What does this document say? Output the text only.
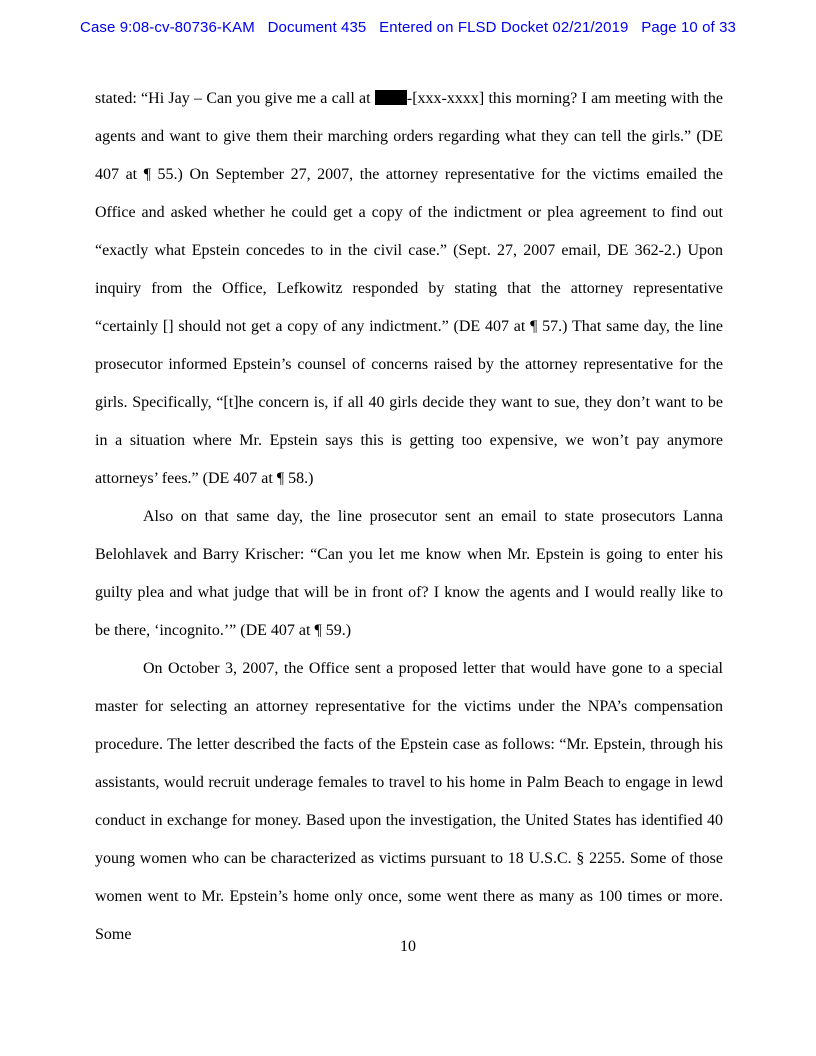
Case 9:08-cv-80736-KAM   Document 435   Entered on FLSD Docket 02/21/2019   Page 10 of 33
stated: “Hi Jay – Can you give me a call at -[xxx-xxxx] this morning? I am meeting with the
agents and want to give them their marching orders regarding what they can tell the girls.” (DE
407 at ¶ 55.) On September 27, 2007, the attorney representative for the victims emailed the
Office and asked whether he could get a copy of the indictment or plea agreement to find out
“exactly what Epstein concedes to in the civil case.” (Sept. 27, 2007 email, DE 362-2.) Upon
inquiry from the Office, Lefkowitz responded by stating that the attorney representative
“certainly [] should not get a copy of any indictment.” (DE 407 at ¶ 57.) That same day, the line
prosecutor informed Epstein’s counsel of concerns raised by the attorney representative for the
girls. Specifically, “[t]he concern is, if all 40 girls decide they want to sue, they don’t want to be
in a situation where Mr. Epstein says this is getting too expensive, we won’t pay anymore
attorneys’ fees.” (DE 407 at ¶ 58.)
Also on that same day, the line prosecutor sent an email to state prosecutors Lanna
Belohlavek and Barry Krischer: “Can you let me know when Mr. Epstein is going to enter his
guilty plea and what judge that will be in front of? I know the agents and I would really like to
be there, ‘incognito.’” (DE 407 at ¶ 59.)
On October 3, 2007, the Office sent a proposed letter that would have gone to a special
master for selecting an attorney representative for the victims under the NPA’s compensation
procedure. The letter described the facts of the Epstein case as follows: “Mr. Epstein, through his
assistants, would recruit underage females to travel to his home in Palm Beach to engage in lewd
conduct in exchange for money. Based upon the investigation, the United States has identified 40
young women who can be characterized as victims pursuant to 18 U.S.C. § 2255. Some of those
women went to Mr. Epstein’s home only once, some went there as many as 100 times or more. Some
10
